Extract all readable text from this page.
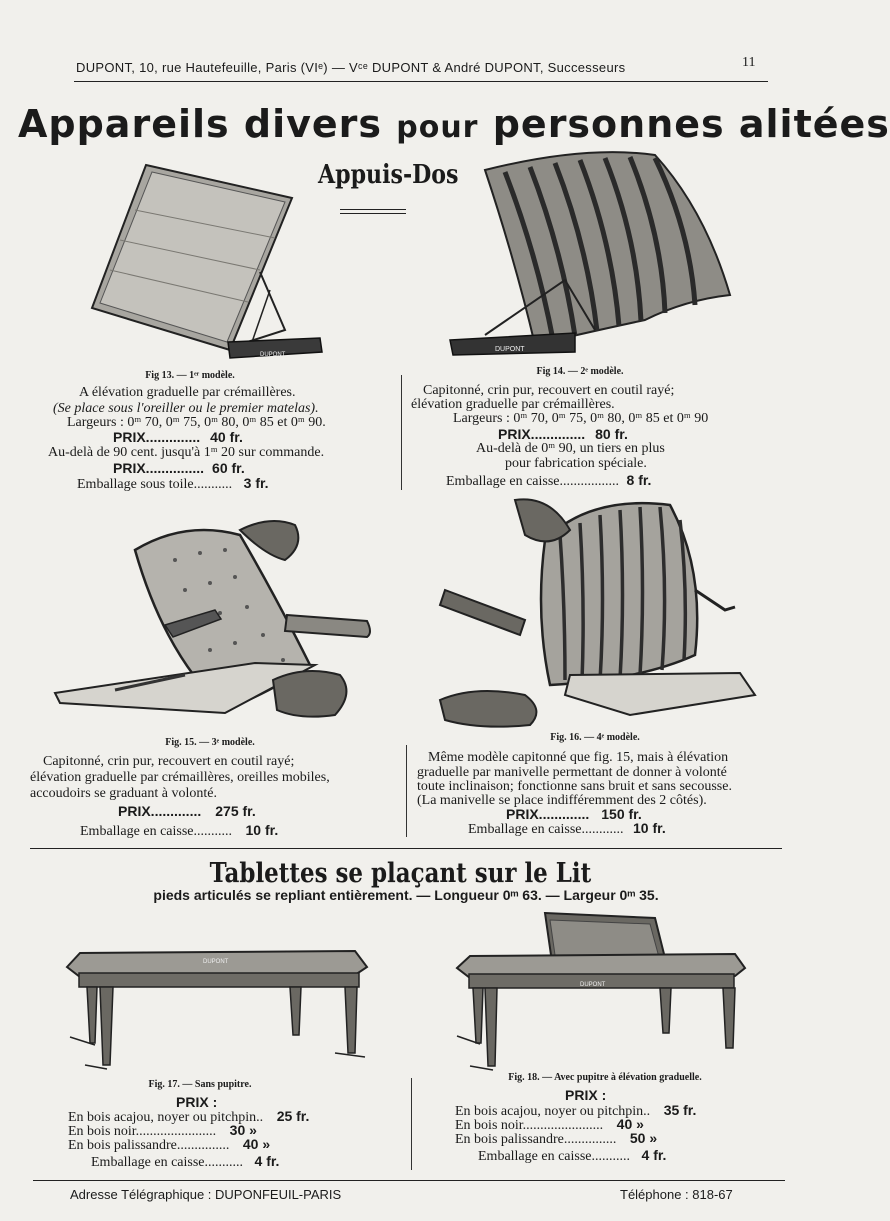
DUPONT, 10, rue Hautefeuille, Paris (VIᵉ) — Vᶜᵉ DUPONT & André DUPONT, Successeurs	11
Appareils divers pour personnes alitées
Appuis-Dos
DUPONT
DUPONT
Fig 13. — 1ᵉʳ modèle.
A élévation graduelle par crémaillères.
(Se place sous l'oreiller ou le premier matelas).
Largeurs : 0ᵐ 70, 0ᵐ 75, 0ᵐ 80, 0ᵐ 85 et 0ᵐ 90.
PRIX.............. 40 fr.
Au-delà de 90 cent. jusqu'à 1ᵐ 20 sur commande.
PRIX............... 60 fr.
Emballage sous toile........... 3 fr.
Fig 14. — 2ᵉ modèle.
Capitonné, crin pur, recouvert en coutil rayé;
élévation graduelle par crémaillères.
Largeurs : 0ᵐ 70, 0ᵐ 75, 0ᵐ 80, 0ᵐ 85 et 0ᵐ 90
PRIX.............. 80 fr.
Au-delà de 0ᵐ 90, un tiers en plus
pour fabrication spéciale.
Emballage en caisse................. 8 fr.
Fig. 15. — 3ᵉ modèle.
Capitonné, crin pur, recouvert en coutil rayé;
élévation graduelle par crémaillères, oreilles mobiles,
accoudoirs se graduant à volonté.
PRIX............. 275 fr.
Emballage en caisse........... 10 fr.
Fig. 16. — 4ᵉ modèle.
Même modèle capitonné que fig. 15, mais à élévation
graduelle par manivelle permettant de donner à volonté
toute inclinaison; fonctionne sans bruit et sans secousse.
(La manivelle se place indifféremment des 2 côtés).
PRIX............. 150 fr.
Emballage en caisse............ 10 fr.
Tablettes se plaçant sur le Lit
pieds articulés se repliant entièrement. — Longueur 0ᵐ 63. — Largeur 0ᵐ 35.
DUPONT
DUPONT
Fig. 17. — Sans pupitre.
PRIX :
En bois acajou, noyer ou pitchpin.. 25 fr.
En bois noir....................... 30 »
En bois palissandre............... 40 »
Emballage en caisse........... 4 fr.
Fig. 18. — Avec pupitre à élévation graduelle.
PRIX :
En bois acajou, noyer ou pitchpin.. 35 fr.
En bois noir....................... 40 »
En bois palissandre............... 50 »
Emballage en caisse........... 4 fr.
Adresse Télégraphique : DUPONFEUIL-PARIS	Téléphone : 818-67
